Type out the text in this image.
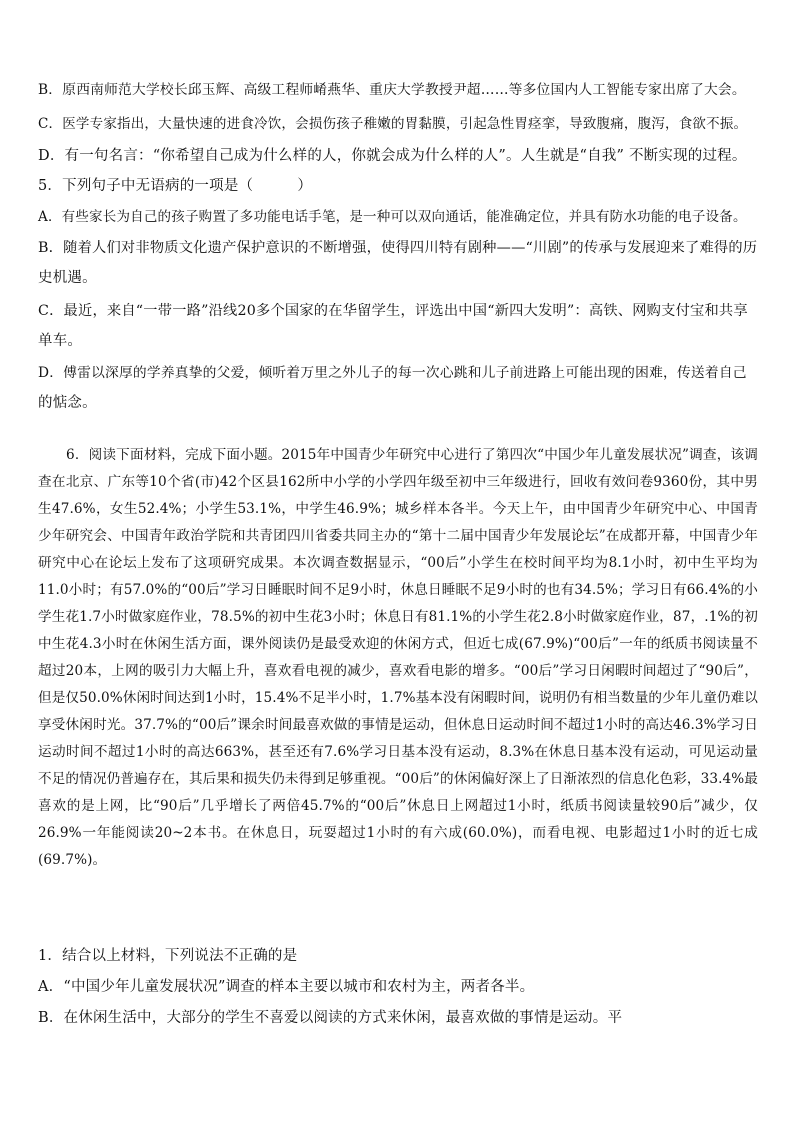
B．原西南师范大学校长邱玉辉、高级工程师崤燕华、重庆大学教授尹超……等多位国内人工智能专家出席了大会。
C．医学专家指出，大量快速的进食冷饮，会损伤孩子稚嫩的胃黏膜，引起急性胃痉挛，导致腹痛，腹泻，食欲不振。
D．有一句名言：“你希望自己成为什么样的人，你就会成为什么样的人”。人生就是“自我” 不断实现的过程。
5．下列句子中无语病的一项是（　　　）
A．有些家长为自己的孩子购置了多功能电话手笔，是一种可以双向通话，能准确定位，并具有防水功能的电子设备。
B．随着人们对非物质文化遗产保护意识的不断增强，使得四川特有剧种——“川剧”的传承与发展迎来了难得的历
史机遇。
C．最近，来自“一带一路”沿线20多个国家的在华留学生，评选出中国“新四大发明”：高铁、网购支付宝和共享
单车。
D．傅雷以深厚的学养真挚的父爱，倾听着万里之外儿子的每一次心跳和儿子前进路上可能出现的困难，传送着自己
的惦念。
6．阅读下面材料，完成下面小题。2015年中国青少年研究中心进行了第四次“中国少年儿童发展状况”调查，该调查在北京、广东等10个省(市)42个区县162所中小学的小学四年级至初中三年级进行，回收有效问卷9360份，其中男生47.6%，女生52.4%；小学生53.1%，中学生46.9%；城乡样本各半。今天上午，由中国青少年研究中心、中国青少年研究会、中国青年政治学院和共青团四川省委共同主办的“第十二届中国青少年发展论坛”在成都开幕，中国青少年研究中心在论坛上发布了这项研究成果。本次调查数据显示，“00后”小学生在校时间平均为8.1小时，初中生平均为11.0小时；有57.0%的“00后”学习日睡眠时间不足9小时，休息日睡眠不足9小时的也有34.5%；学习日有66.4%的小学生花1.7小时做家庭作业，78.5%的初中生花3小时；休息日有81.1%的小学生花2.8小时做家庭作业，87，.1%的初中生花4.3小时在休闲生活方面，课外阅读仍是最受欢迎的休闲方式，但近七成(67.9%)“00后”一年的纸质书阅读量不超过20本，上网的吸引力大幅上升，喜欢看电视的减少，喜欢看电影的增多。“00后”学习日闲暇时间超过了“90后”，但是仅50.0%休闲时间达到1小时，15.4%不足半小时，1.7%基本没有闲暇时间，说明仍有相当数量的少年儿童仍难以享受休闲时光。37.7%的“00后”课余时间最喜欢做的事情是运动，但休息日运动时间不超过1小时的高达46.3%学习日运动时间不超过1小时的高达663%，甚至还有7.6%学习日基本没有运动，8.3%在休息日基本没有运动，可见运动量不足的情况仍普遍存在，其后果和损失仍未得到足够重视。“00后”的休闲偏好深上了日渐浓烈的信息化色彩，33.4%最喜欢的是上网，比“90后”几乎增长了两倍45.7%的“00后”休息日上网超过1小时，纸质书阅读量较90后”减少，仅26.9%一年能阅读20~2本书。在休息日，玩耍超过1小时的有六成(60.0%)，而看电视、电影超过1小时的近七成(69.7%)。
1．结合以上材料，下列说法不正确的是
A．“中国少年儿童发展状况”调查的样本主要以城市和农村为主，两者各半。
B．在休闲生活中，大部分的学生不喜爱以阅读的方式来休闲，最喜欢做的事情是运动。平
